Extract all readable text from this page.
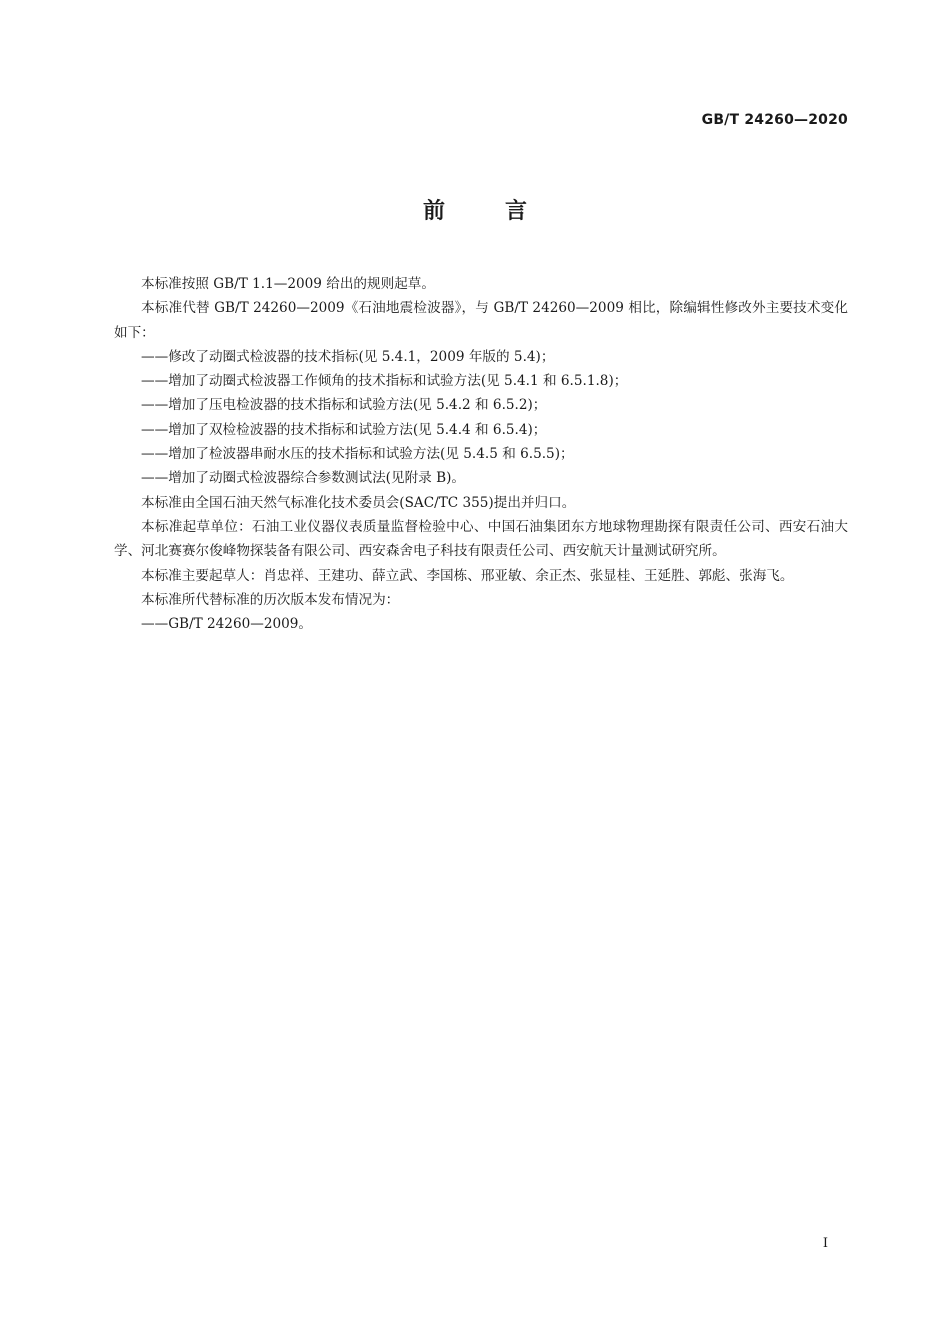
GB/T 24260—2020

前言

本标准按照 GB/T 1.1—2009 给出的规则起草。

本标准代替 GB/T 24260—2009《石油地震检波器》，与 GB/T 24260—2009 相比，除编辑性修改外主要技术变化如下：

——修改了动圈式检波器的技术指标(见 5.4.1，2009 年版的 5.4)；

——增加了动圈式检波器工作倾角的技术指标和试验方法(见 5.4.1 和 6.5.1.8)；

——增加了压电检波器的技术指标和试验方法(见 5.4.2 和 6.5.2)；

——增加了双检检波器的技术指标和试验方法(见 5.4.4 和 6.5.4)；

——增加了检波器串耐水压的技术指标和试验方法(见 5.4.5 和 6.5.5)；

——增加了动圈式检波器综合参数测试法(见附录 B)。

本标准由全国石油天然气标准化技术委员会(SAC/TC 355)提出并归口。

本标准起草单位：石油工业仪器仪表质量监督检验中心、中国石油集团东方地球物理勘探有限责任公司、西安石油大学、河北赛赛尔俊峰物探装备有限公司、西安森舍电子科技有限责任公司、西安航天计量测试研究所。

本标准主要起草人：肖忠祥、王建功、薛立武、李国栋、邢亚敏、余正杰、张显桂、王延胜、郭彪、张海飞。

本标准所代替标准的历次版本发布情况为：

——GB/T 24260—2009。

I
